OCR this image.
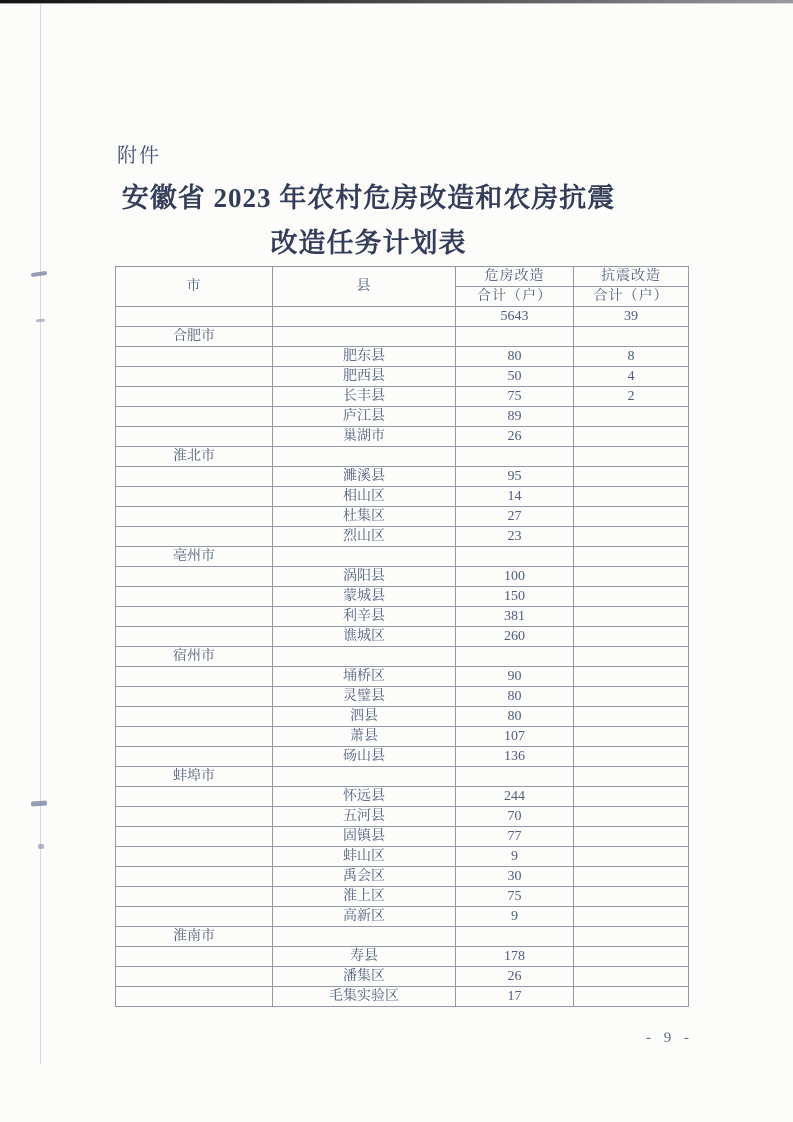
附件
安徽省 2023 年农村危房改造和农房抗震
改造任务计划表
市	县	危房改造	抗震改造
		合计（户）	合计（户）
		5643	39
合肥市			
	肥东县	80	8
	肥西县	50	4
	长丰县	75	2
	庐江县	89	
	巢湖市	26	
淮北市			
	濉溪县	95	
	相山区	14	
	杜集区	27	
	烈山区	23	
亳州市			
	涡阳县	100	
	蒙城县	150	
	利辛县	381	
	谯城区	260	
宿州市			
	埇桥区	90	
	灵璧县	80	
	泗县	80	
	萧县	107	
	砀山县	136	
蚌埠市			
	怀远县	244	
	五河县	70	
	固镇县	77	
	蚌山区	9	
	禹会区	30	
	淮上区	75	
	高新区	9	
淮南市			
	寿县	178	
	潘集区	26	
	毛集实验区	17	
- 9 -
